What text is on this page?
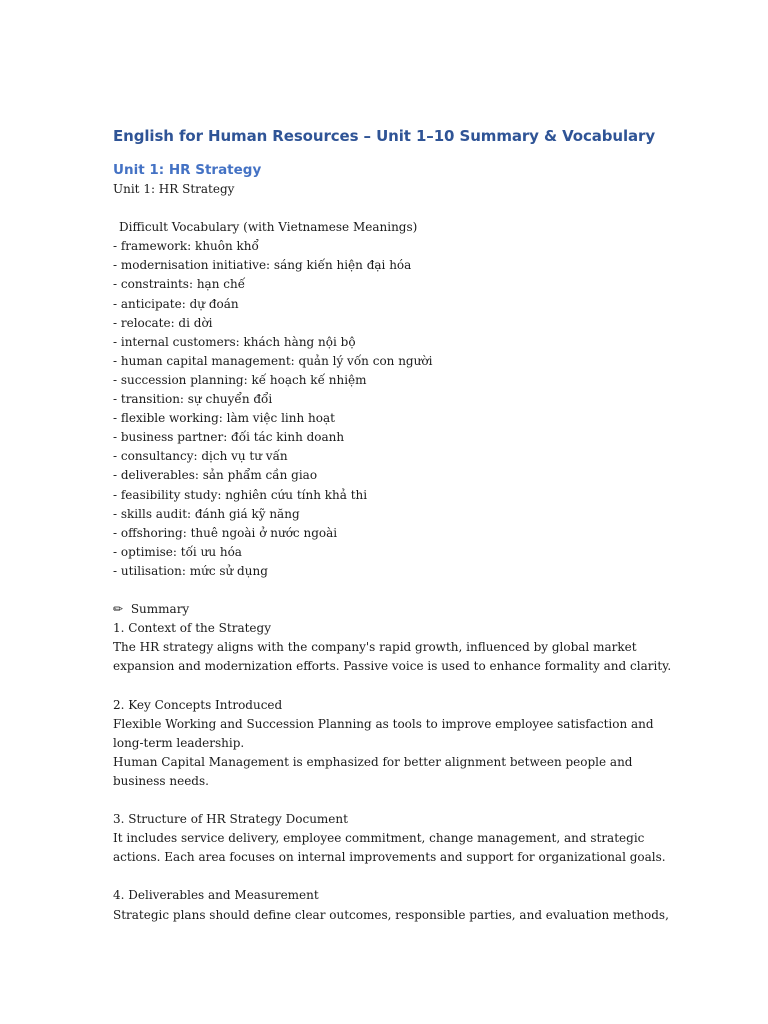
English for Human Resources – Unit 1–10 Summary & Vocabulary
Unit 1: HR Strategy
Unit 1: HR Strategy
Difficult Vocabulary (with Vietnamese Meanings)
- framework: khuôn khổ
- modernisation initiative: sáng kiến hiện đại hóa
- constraints: hạn chế
- anticipate: dự đoán
- relocate: di dời
- internal customers: khách hàng nội bộ
- human capital management: quản lý vốn con người
- succession planning: kế hoạch kế nhiệm
- transition: sự chuyển đổi
- flexible working: làm việc linh hoạt
- business partner: đối tác kinh doanh
- consultancy: dịch vụ tư vấn
- deliverables: sản phẩm cần giao
- feasibility study: nghiên cứu tính khả thi
- skills audit: đánh giá kỹ năng
- offshoring: thuê ngoài ở nước ngoài
- optimise: tối ưu hóa
- utilisation: mức sử dụng
✏ Summary
1. Context of the Strategy
The HR strategy aligns with the company's rapid growth, influenced by global market expansion and modernization efforts. Passive voice is used to enhance formality and clarity.
2. Key Concepts Introduced
Flexible Working and Succession Planning as tools to improve employee satisfaction and long-term leadership.
Human Capital Management is emphasized for better alignment between people and business needs.
3. Structure of HR Strategy Document
It includes service delivery, employee commitment, change management, and strategic actions. Each area focuses on internal improvements and support for organizational goals.
4. Deliverables and Measurement
Strategic plans should define clear outcomes, responsible parties, and evaluation methods,
